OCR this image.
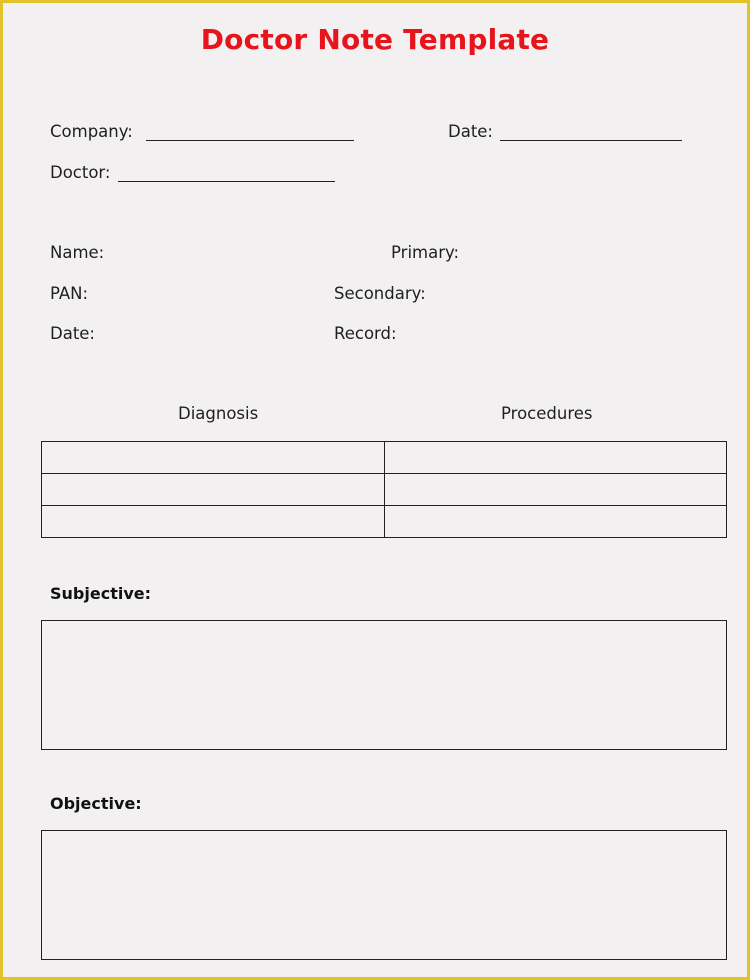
Doctor Note Template
Company:	Date:
Doctor:
Name:	Primary:
PAN:	Secondary:
Date:	Record:
Diagnosis	Procedures

Subjective:
Objective:
